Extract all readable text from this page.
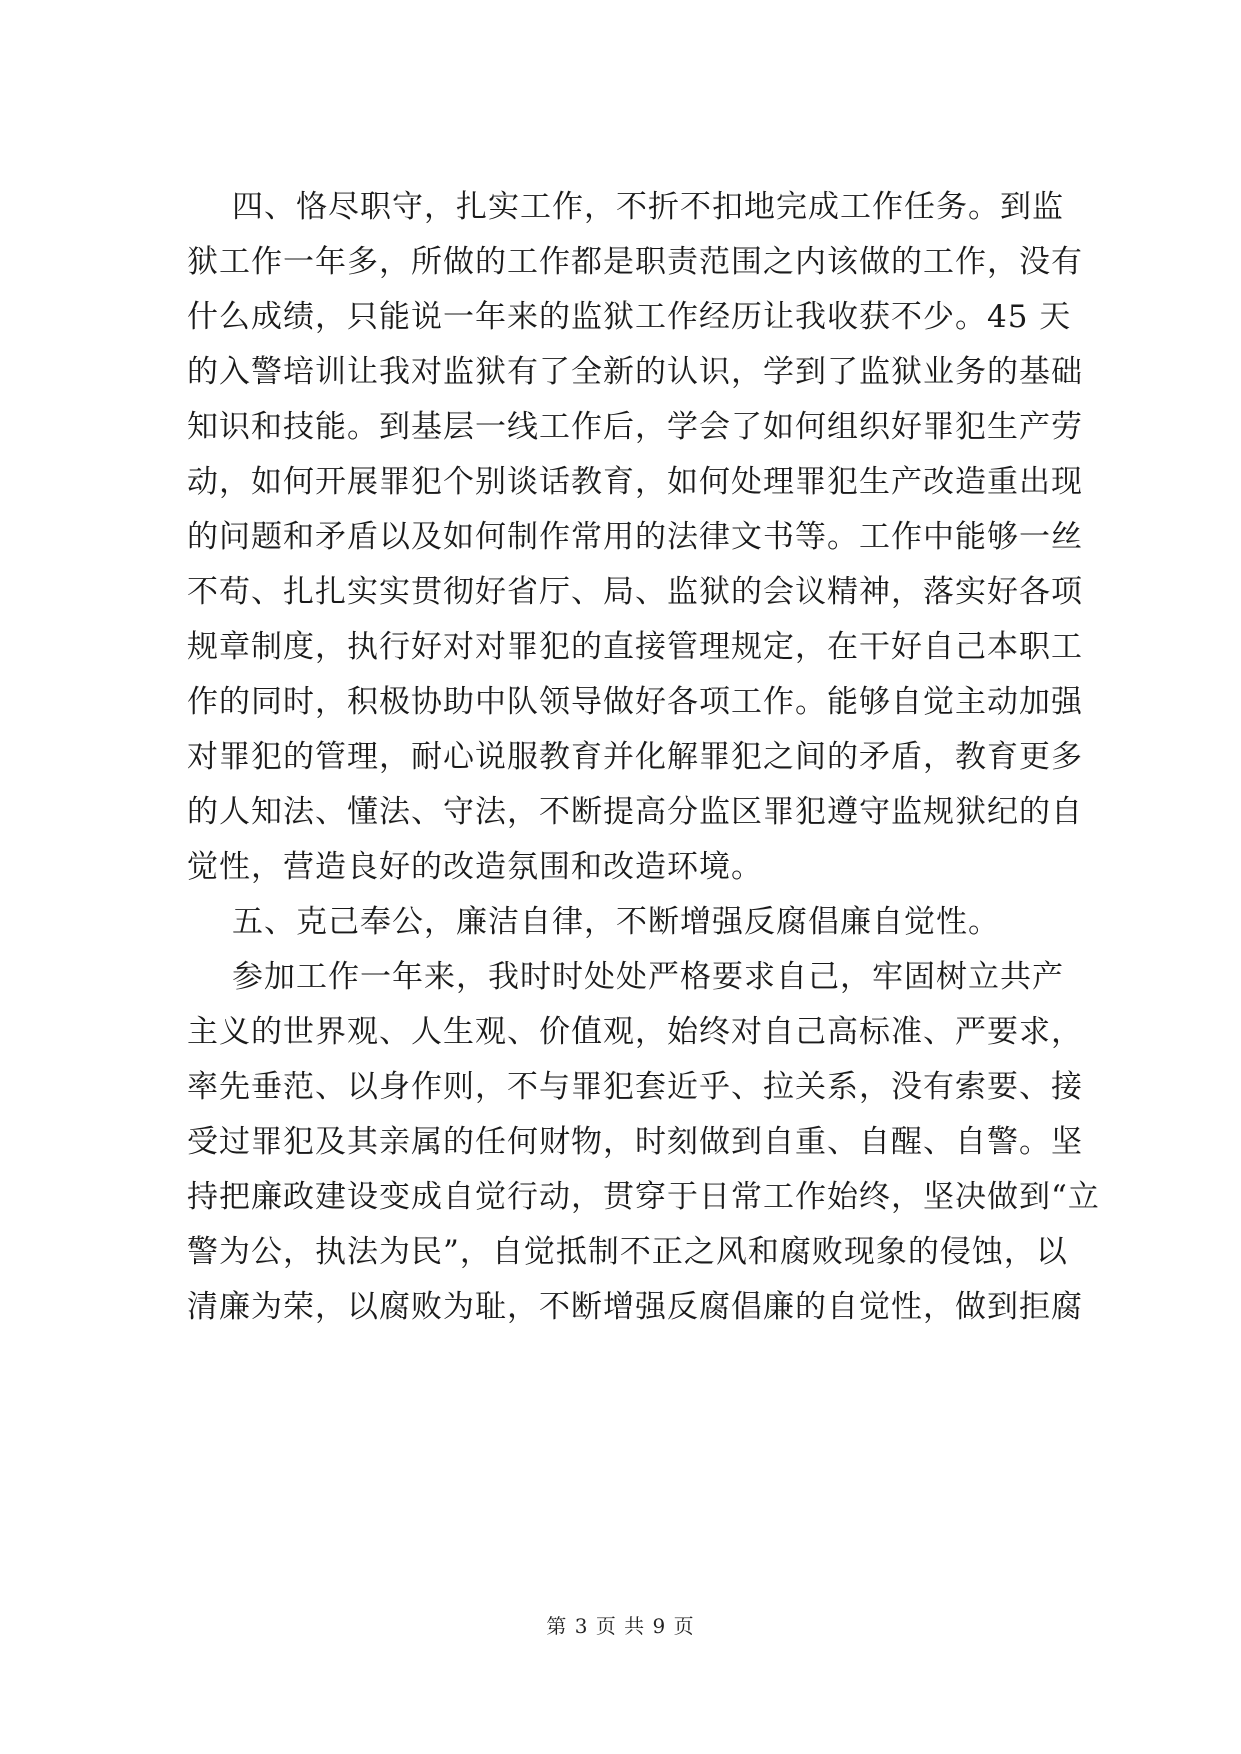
四、恪尽职守，扎实工作，不折不扣地完成工作任务。到监
狱工作一年多，所做的工作都是职责范围之内该做的工作，没有
什么成绩，只能说一年来的监狱工作经历让我收获不少。45 天
的入警培训让我对监狱有了全新的认识，学到了监狱业务的基础
知识和技能。到基层一线工作后，学会了如何组织好罪犯生产劳
动，如何开展罪犯个别谈话教育，如何处理罪犯生产改造重出现
的问题和矛盾以及如何制作常用的法律文书等。工作中能够一丝
不苟、扎扎实实贯彻好省厅、局、监狱的会议精神，落实好各项
规章制度，执行好对对罪犯的直接管理规定，在干好自己本职工
作的同时，积极协助中队领导做好各项工作。能够自觉主动加强
对罪犯的管理，耐心说服教育并化解罪犯之间的矛盾，教育更多
的人知法、懂法、守法，不断提高分监区罪犯遵守监规狱纪的自
觉性，营造良好的改造氛围和改造环境。
五、克己奉公，廉洁自律，不断增强反腐倡廉自觉性。
参加工作一年来，我时时处处严格要求自己，牢固树立共产
主义的世界观、人生观、价值观，始终对自己高标准、严要求，
率先垂范、以身作则，不与罪犯套近乎、拉关系，没有索要、接
受过罪犯及其亲属的任何财物，时刻做到自重、自醒、自警。坚
持把廉政建设变成自觉行动，贯穿于日常工作始终，坚决做到“立
警为公，执法为民”，自觉抵制不正之风和腐败现象的侵蚀，以
清廉为荣，以腐败为耻，不断增强反腐倡廉的自觉性，做到拒腐
第 3 页 共 9 页
